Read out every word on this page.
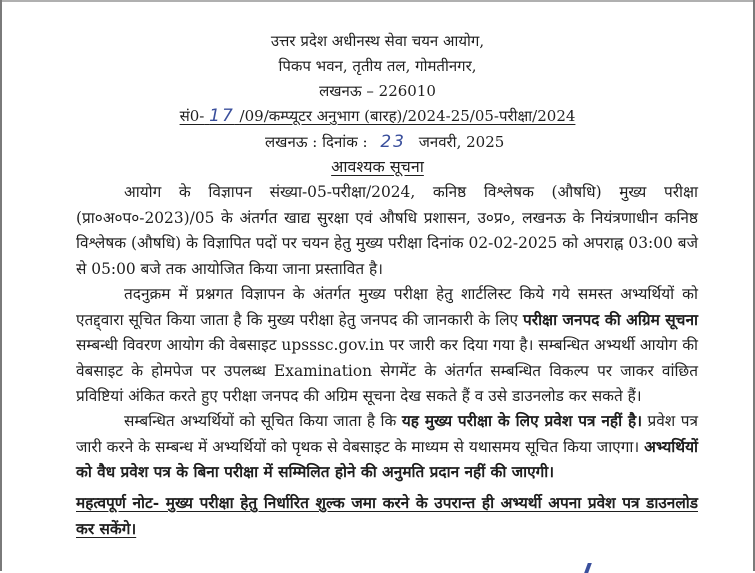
उत्तर प्रदेश अधीनस्थ सेवा चयन आयोग,
पिकप भवन, तृतीय तल, गोमतीनगर,
लखनऊ – 226010
सं0- 17 /09/कम्प्यूटर अनुभाग (बारह)/2024-25/05-परीक्षा/2024
लखनऊ : दिनांक : 23 जनवरी, 2025
आवश्यक सूचना

आयोग के विज्ञापन संख्या-05-परीक्षा/2024, कनिष्ठ विश्लेषक (औषधि) मुख्य परीक्षा (प्रा०अ०प०-2023)/05 के अंतर्गत खाद्य सुरक्षा एवं औषधि प्रशासन, उ०प्र०, लखनऊ के नियंत्रणाधीन कनिष्ठ विश्लेषक (औषधि) के विज्ञापित पदों पर चयन हेतु मुख्य परीक्षा दिनांक 02-02-2025 को अपराह्न 03:00 बजे से 05:00 बजे तक आयोजित किया जाना प्रस्तावित है।

तदनुक्रम में प्रश्नगत विज्ञापन के अंतर्गत मुख्य परीक्षा हेतु शार्टलिस्ट किये गये समस्त अभ्यर्थियों को एतद्द्वारा सूचित किया जाता है कि मुख्य परीक्षा हेतु जनपद की जानकारी के लिए परीक्षा जनपद की अग्रिम सूचना सम्बन्धी विवरण आयोग की वेबसाइट upsssc.gov.in पर जारी कर दिया गया है। सम्बन्धित अभ्यर्थी आयोग की वेबसाइट के होमपेज पर उपलब्ध Examination सेगमेंट के अंतर्गत सम्बन्धित विकल्प पर जाकर वांछित प्रविष्टियां अंकित करते हुए परीक्षा जनपद की अग्रिम सूचना देख सकते हैं व उसे डाउनलोड कर सकते हैं।

सम्बन्धित अभ्यर्थियों को सूचित किया जाता है कि यह मुख्य परीक्षा के लिए प्रवेश पत्र नहीं है। प्रवेश पत्र जारी करने के सम्बन्ध में अभ्यर्थियों को पृथक से वेबसाइट के माध्यम से यथासमय सूचित किया जाएगा। अभ्यर्थियों को वैध प्रवेश पत्र के बिना परीक्षा में सम्मिलित होने की अनुमति प्रदान नहीं की जाएगी।

महत्वपूर्ण नोट- मुख्य परीक्षा हेतु निर्धारित शुल्क जमा करने के उपरान्त ही अभ्यर्थी अपना प्रवेश पत्र डाउनलोड कर सकेंगे।
